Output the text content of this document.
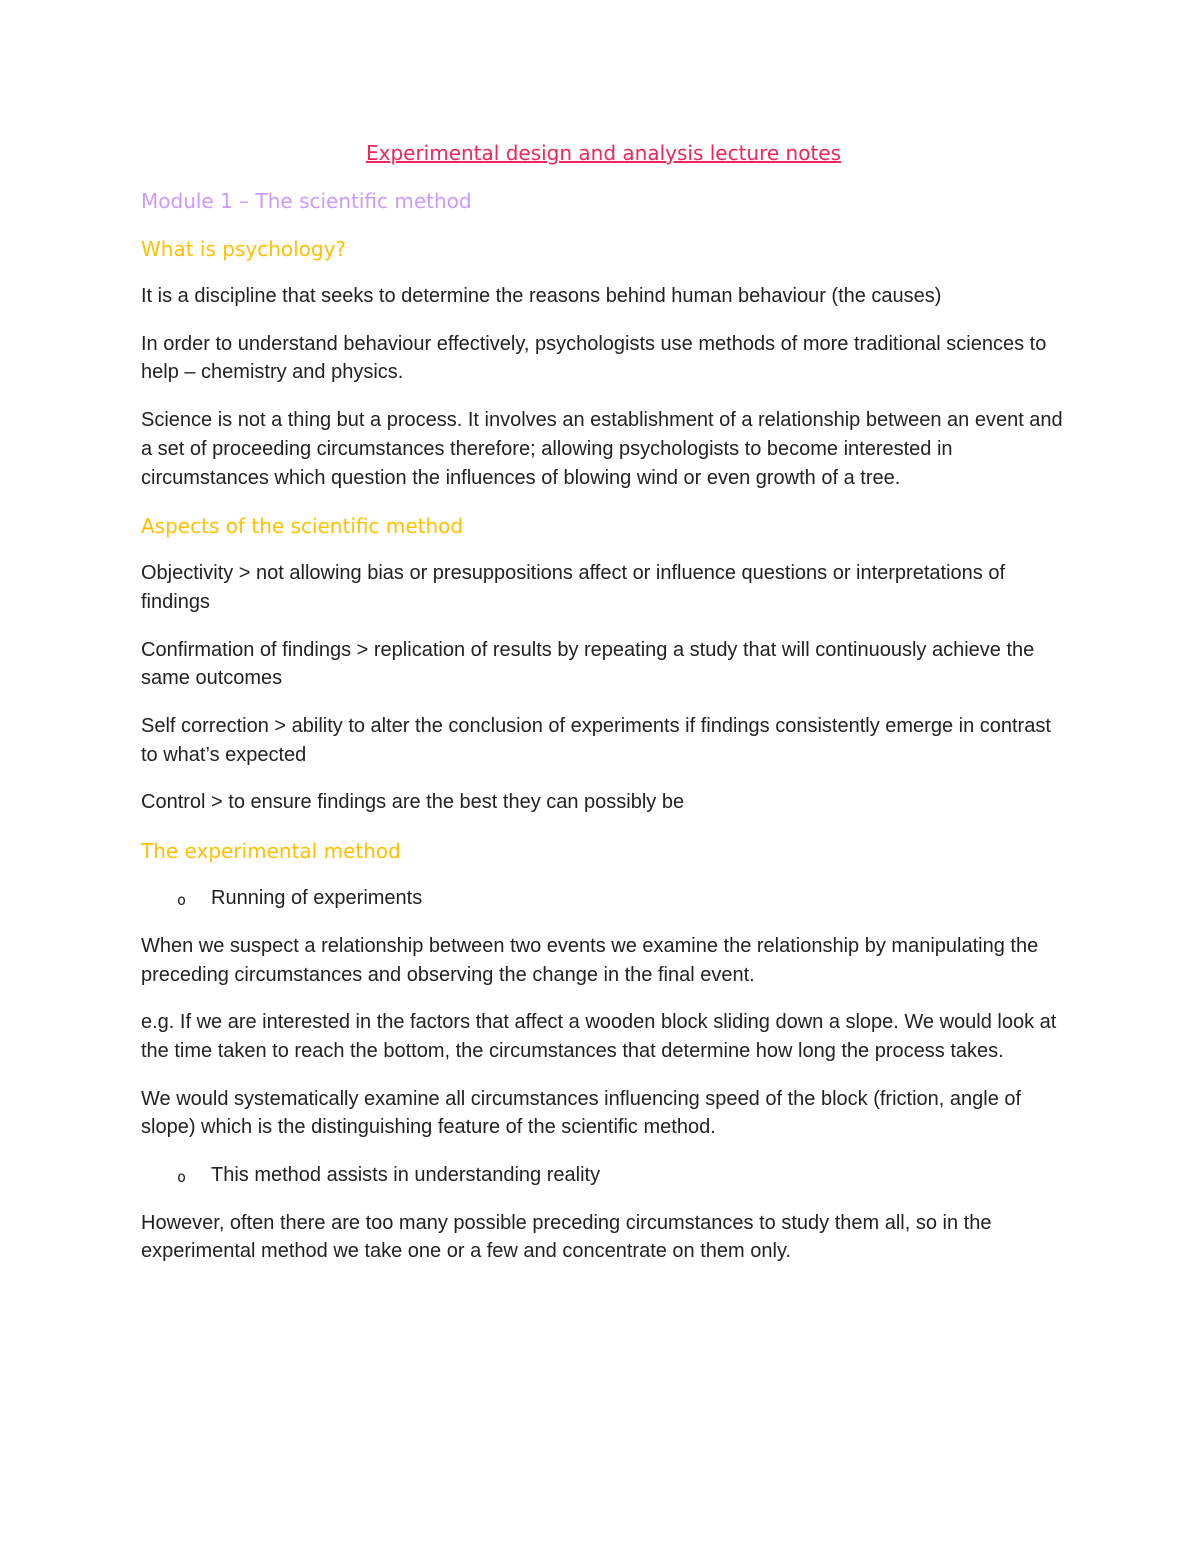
Experimental design and analysis lecture notes
Module 1 – The scientific method
What is psychology?

It is a discipline that seeks to determine the reasons behind human behaviour (the causes)

In order to understand behaviour effectively, psychologists use methods of more traditional sciences to help – chemistry and physics.

Science is not a thing but a process. It involves an establishment of a relationship between an event and a set of proceeding circumstances therefore; allowing psychologists to become interested in circumstances which question the influences of blowing wind or even growth of a tree.

Aspects of the scientific method

Objectivity > not allowing bias or presuppositions affect or influence questions or interpretations of findings

Confirmation of findings > replication of results by repeating a study that will continuously achieve the same outcomes

Self correction > ability to alter the conclusion of experiments if findings consistently emerge in contrast to what’s expected

Control > to ensure findings are the best they can possibly be

The experimental method
o Running of experiments

When we suspect a relationship between two events we examine the relationship by manipulating the preceding circumstances and observing the change in the final event.

e.g. If we are interested in the factors that affect a wooden block sliding down a slope. We would look at the time taken to reach the bottom, the circumstances that determine how long the process takes.

We would systematically examine all circumstances influencing speed of the block (friction, angle of slope) which is the distinguishing feature of the scientific method.

o This method assists in understanding reality

However, often there are too many possible preceding circumstances to study them all, so in the experimental method we take one or a few and concentrate on them only.
